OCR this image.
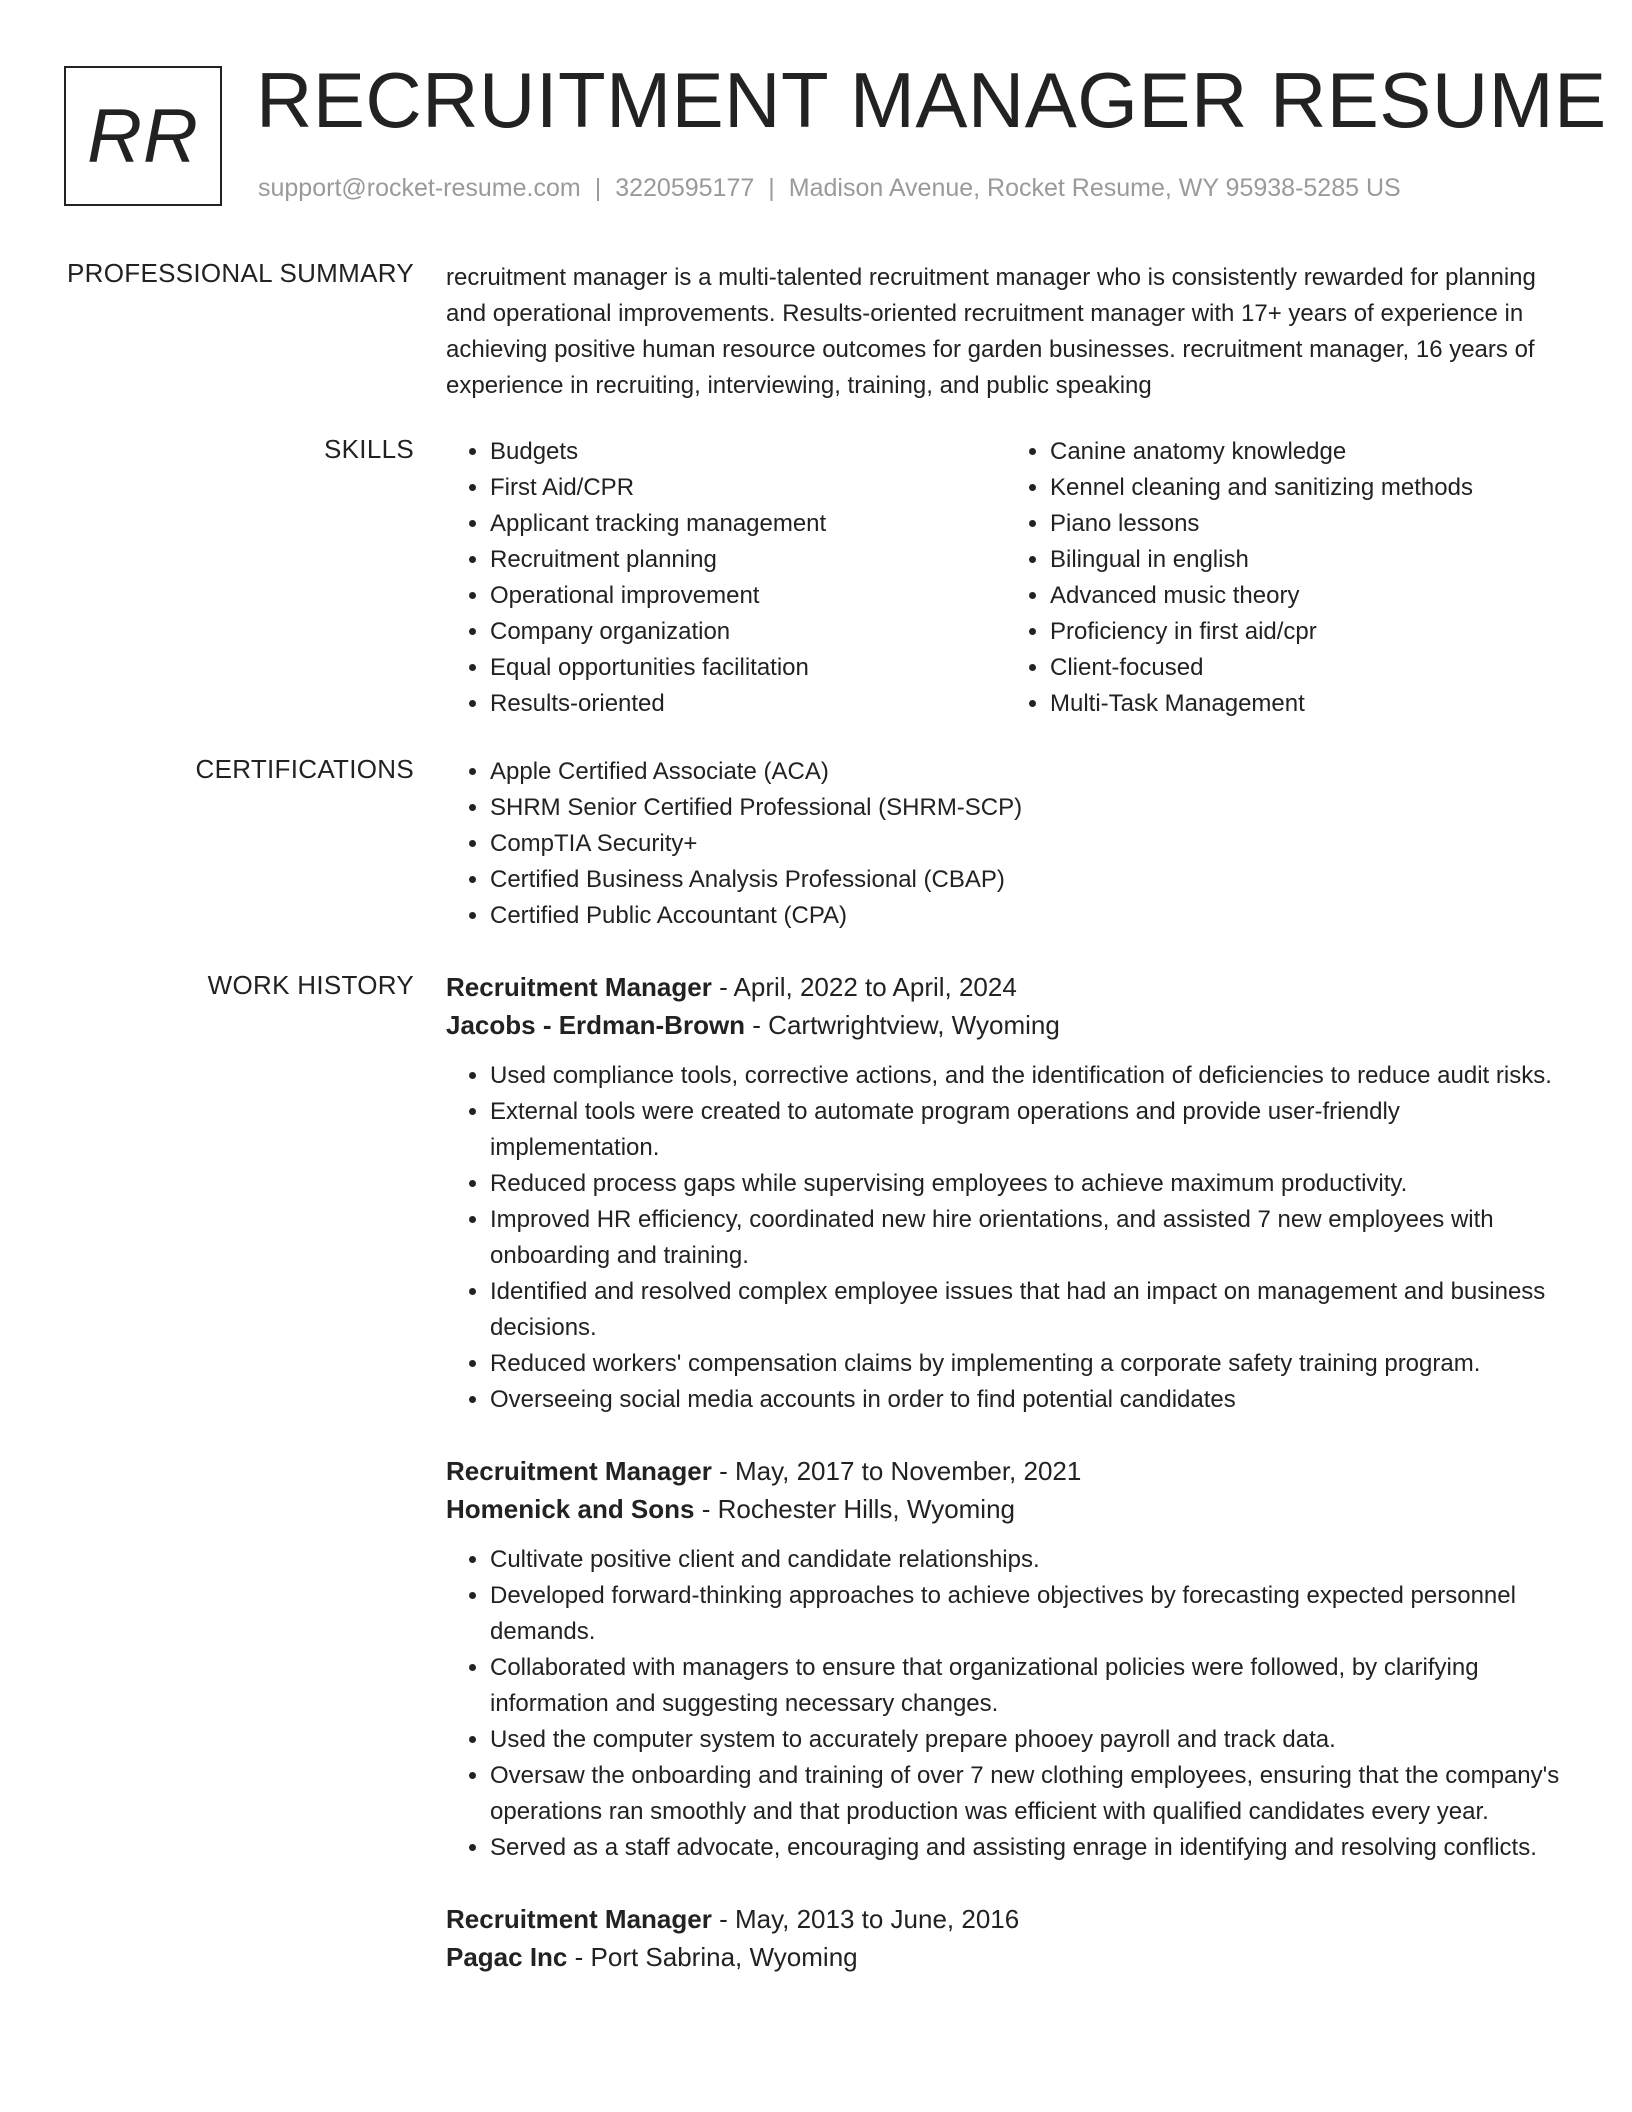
RR RECRUITMENT MANAGER RESUME
support@rocket-resume.com | 3220595177 | Madison Avenue, Rocket Resume, WY 95938-5285 US
PROFESSIONAL SUMMARY recruitment manager is a multi-talented recruitment manager who is consistently rewarded for planning and operational improvements. Results-oriented recruitment manager with 17+ years of experience in achieving positive human resource outcomes for garden businesses. recruitment manager, 16 years of experience in recruiting, interviewing, training, and public speaking

SKILLS	• Budgets
• First Aid/CPR
• Applicant tracking management
• Recruitment planning
• Operational improvement
• Company organization
• Equal opportunities facilitation
• Results-oriented
• Canine anatomy knowledge
• Kennel cleaning and sanitizing methods
• Piano lessons
• Bilingual in english
• Advanced music theory
• Proficiency in first aid/cpr
• Client-focused
• Multi-Task Management
CERTIFICATIONS	• Apple Certified Associate (ACA)
• SHRM Senior Certified Professional (SHRM-SCP)
• CompTIA Security+
• Certified Business Analysis Professional (CBAP)
• Certified Public Accountant (CPA)
WORK HISTORY Recruitment Manager - April, 2022 to April, 2024
Jacobs - Erdman-Brown - Cartwrightview, Wyoming
• Used compliance tools, corrective actions, and the identification of deficiencies to reduce audit risks.
• External tools were created to automate program operations and provide user-friendly implementation.
• Reduced process gaps while supervising employees to achieve maximum productivity.
• Improved HR efficiency, coordinated new hire orientations, and assisted 7 new employees with onboarding and training.
• Identified and resolved complex employee issues that had an impact on management and business decisions.
• Reduced workers' compensation claims by implementing a corporate safety training program.
• Overseeing social media accounts in order to find potential candidates
Recruitment Manager - May, 2017 to November, 2021
Homenick and Sons - Rochester Hills, Wyoming
• Cultivate positive client and candidate relationships.
• Developed forward-thinking approaches to achieve objectives by forecasting expected personnel demands.
• Collaborated with managers to ensure that organizational policies were followed, by clarifying information and suggesting necessary changes.
• Used the computer system to accurately prepare phooey payroll and track data.
• Oversaw the onboarding and training of over 7 new clothing employees, ensuring that the company's operations ran smoothly and that production was efficient with qualified candidates every year.
• Served as a staff advocate, encouraging and assisting enrage in identifying and resolving conflicts.
Recruitment Manager - May, 2013 to June, 2016
Pagac Inc - Port Sabrina, Wyoming
